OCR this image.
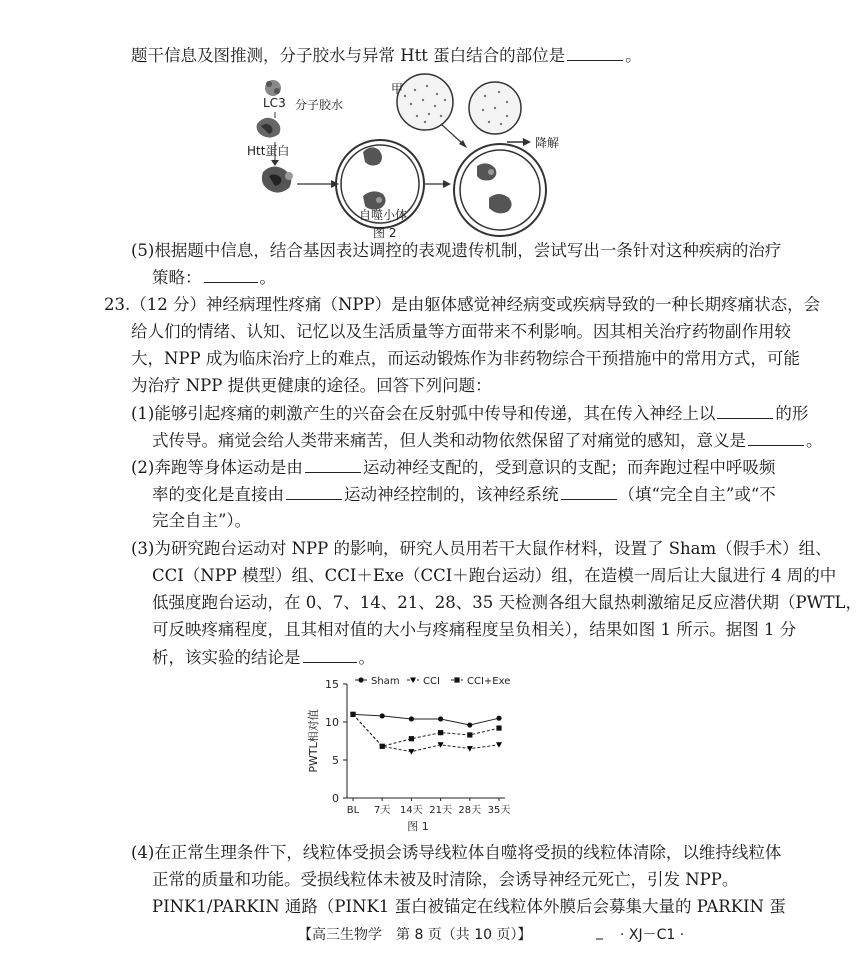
题干信息及图推测，分子胶水与异常 Htt 蛋白结合的部位是	。
LC3 分子胶水
甲
Htt蛋白
降解
自噬小体
图 2
(5)根据题中信息，结合基因表达调控的表观遗传机制，尝试写出一条针对这种疾病的治疗
策略：	。
23.（12 分）神经病理性疼痛（NPP）是由躯体感觉神经病变或疾病导致的一种长期疼痛状态，会
给人们的情绪、认知、记忆以及生活质量等方面带来不利影响。因其相关治疗药物副作用较
大，NPP 成为临床治疗上的难点，而运动锻炼作为非药物综合干预措施中的常用方式，可能
为治疗 NPP 提供更健康的途径。回答下列问题：
(1)能够引起疼痛的刺激产生的兴奋会在反射弧中传导和传递，其在传入神经上以	的形
式传导。痛觉会给人类带来痛苦，但人类和动物依然保留了对痛觉的感知，意义是	。
(2)奔跑等身体运动是由	运动神经支配的，受到意识的支配；而奔跑过程中呼吸频
率的变化是直接由	运动神经控制的，该神经系统	（填“完全自主”或“不
完全自主”）。
(3)为研究跑台运动对 NPP 的影响，研究人员用若干大鼠作材料，设置了 Sham（假手术）组、
CCI（NPP 模型）组、CCI＋Exe（CCI＋跑台运动）组，在造模一周后让大鼠进行 4 周的中
低强度跑台运动，在 0、7、14、21、28、35 天检测各组大鼠热刺激缩足反应潜伏期（PWTL，
可反映疼痛程度，且其相对值的大小与疼痛程度呈负相关），结果如图 1 所示。据图 1 分
析，该实验的结论是	。
0
5
10
15
BL 7天 14天 21天 28天 35天
PWTL相对值
图 1
Sham CCI	CCI+Exe
(4)在正常生理条件下，线粒体受损会诱导线粒体自噬将受损的线粒体清除，以维持线粒体
正常的质量和功能。受损线粒体未被及时清除，会诱导神经元死亡，引发 NPP。
PINK1/PARKIN 通路（PINK1 蛋白被锚定在线粒体外膜后会募集大量的 PARKIN 蛋
【高三生物学　第 8 页（共 10 页）】	_ · XJ－C1 ·
